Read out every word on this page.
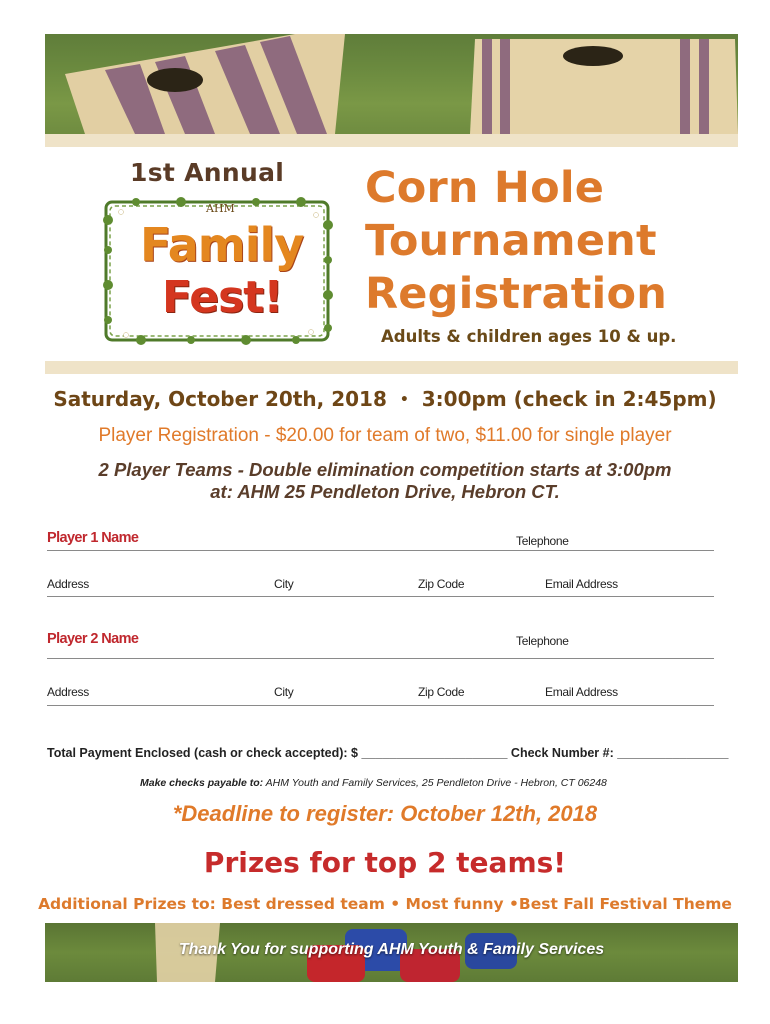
1st Annual
AHM
Family
Fest!
Corn Hole
Tournament
Registration
Adults & children ages 10 & up.
Saturday, October 20th, 2018 • 3:00pm (check in 2:45pm)
Player Registration - $20.00 for team of two, $11.00 for single player
2 Player Teams - Double elimination competition starts at 3:00pm
at: AHM 25 Pendleton Drive, Hebron CT.
Player 1 Name	Telephone
Address	City	Zip Code	Email Address
Player 2 Name	Telephone
Address	City	Zip Code	Email Address
Total Payment Enclosed (cash or check accepted): $ _____________________ Check Number #: ________________
Make checks payable to: AHM Youth and Family Services, 25 Pendleton Drive - Hebron, CT 06248
*Deadline to register: October 12th, 2018
Prizes for top 2 teams!
Additional Prizes to: Best dressed team • Most funny •Best Fall Festival Theme
Thank You for supporting AHM Youth & Family Services
